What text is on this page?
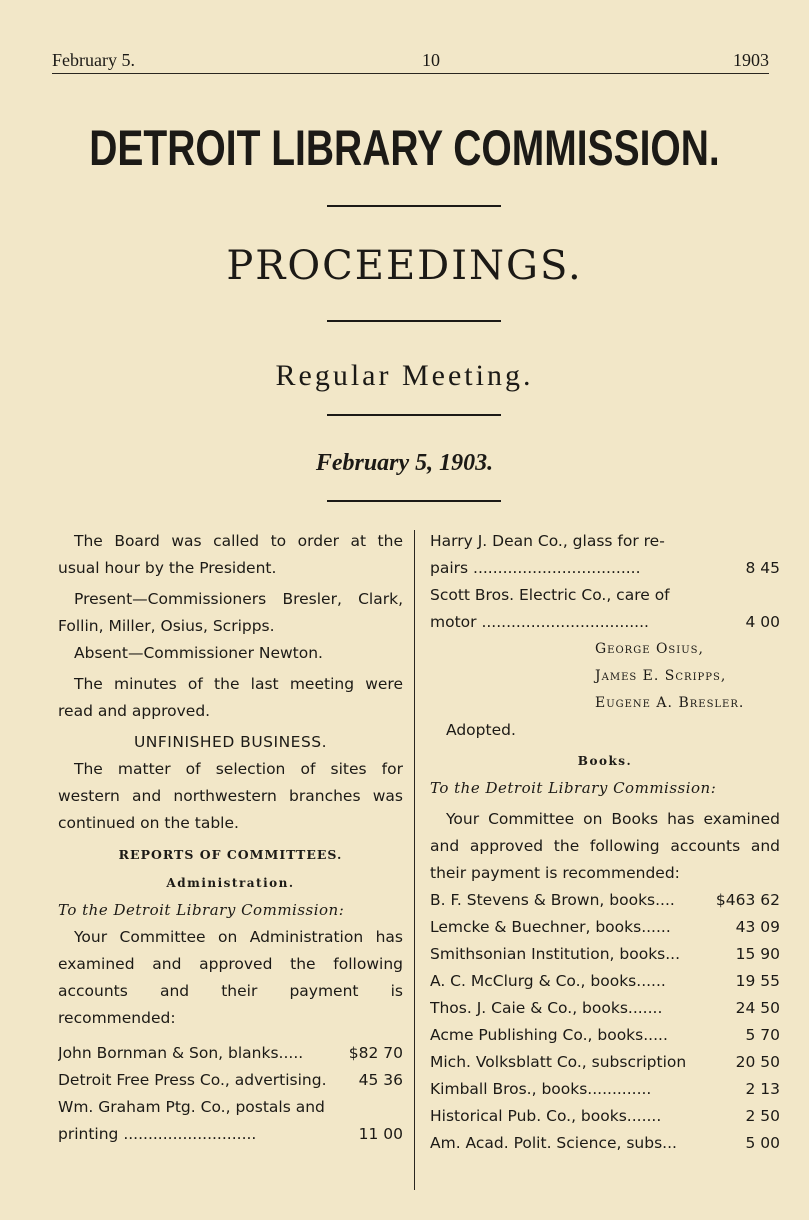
February 5.	10	1903
DETROIT LIBRARY COMMISSION.
PROCEEDINGS.
Regular Meeting.
February 5, 1903.

The Board was called to order at the usual hour by the President.

Present—Commissioners Bresler, Clark, Follin, Miller, Osius, Scripps.

Absent—Commissioner Newton.

The minutes of the last meeting were read and approved.

UNFINISHED BUSINESS.

The matter of selection of sites for western and northwestern branches was continued on the table.

REPORTS OF COMMITTEES.

Administration.

To the Detroit Library Commission:

Your Committee on Administration has examined and approved the following accounts and their payment is recommended:

John Bornman & Son, blanks.....	$82 70
Detroit Free Press Co., advertising.	45 36
Wm. Graham Ptg. Co., postals and
printing ...........................	11 00
Harry J. Dean Co., glass for re-
pairs ..................................	8 45
Scott Bros. Electric Co., care of
motor ..................................	4 00

George Osius,

James E. Scripps,

Eugene A. Bresler.

Adopted.

Books.

To the Detroit Library Commission:

Your Committee on Books has examined and approved the following accounts and their payment is recommended:

B. F. Stevens & Brown, books....	$463 62
Lemcke & Buechner, books......	43 09
Smithsonian Institution, books...	15 90
A. C. McClurg & Co., books......	19 55
Thos. J. Caie & Co., books.......	24 50
Acme Publishing Co., books.....	5 70
Mich. Volksblatt Co., subscription	20 50
Kimball Bros., books.............	2 13
Historical Pub. Co., books.......	2 50
Am. Acad. Polit. Science, subs...	5 00
